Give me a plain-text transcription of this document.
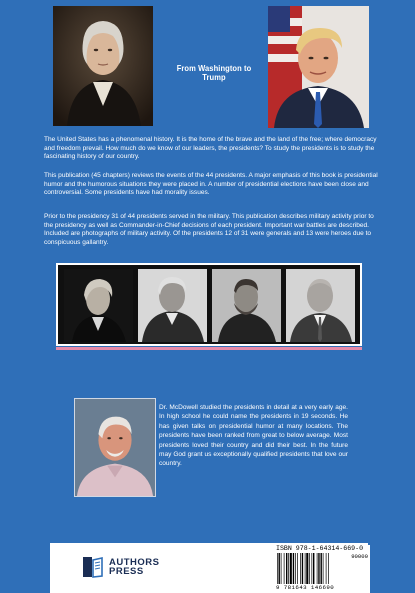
From Washington to Trump

The United States has a phenomenal history. It is the home of the brave and the land of the free; where democracy and freedom prevail. How much do we know of our leaders, the presidents? To study the presidents is to study the fascinating history of our country.

This publication (45 chapters) reviews the events of the 44 presidents. A major emphasis of this book is presidential humor and the humorous situations they were placed in. A number of presidential elections have been close and controversial. Some presidents have had morality issues.

Prior to the presidency 31 of 44 presidents served in the military. This publication describes military activity prior to the presidency as well as Commander-in-Chief decisions of each president. Important war battles are described. Included are photographs of military activity. Of the presidents 12 of 31 were generals and 13 were heroes due to conspicuous gallantry.

Dr. McDowell studied the presidents in detail at a very early age. In high school he could name the presidents in 19 seconds. He has given talks on presidential humor at many locations. The presidents have been ranked from great to below average. Most presidents loved their country and did their best. In the future may God grant us exceptionally qualified presidents that love our country.

AUTHORS
PRESS
ISBN 978-1-64314-669-0
90000
9 781643 146690
